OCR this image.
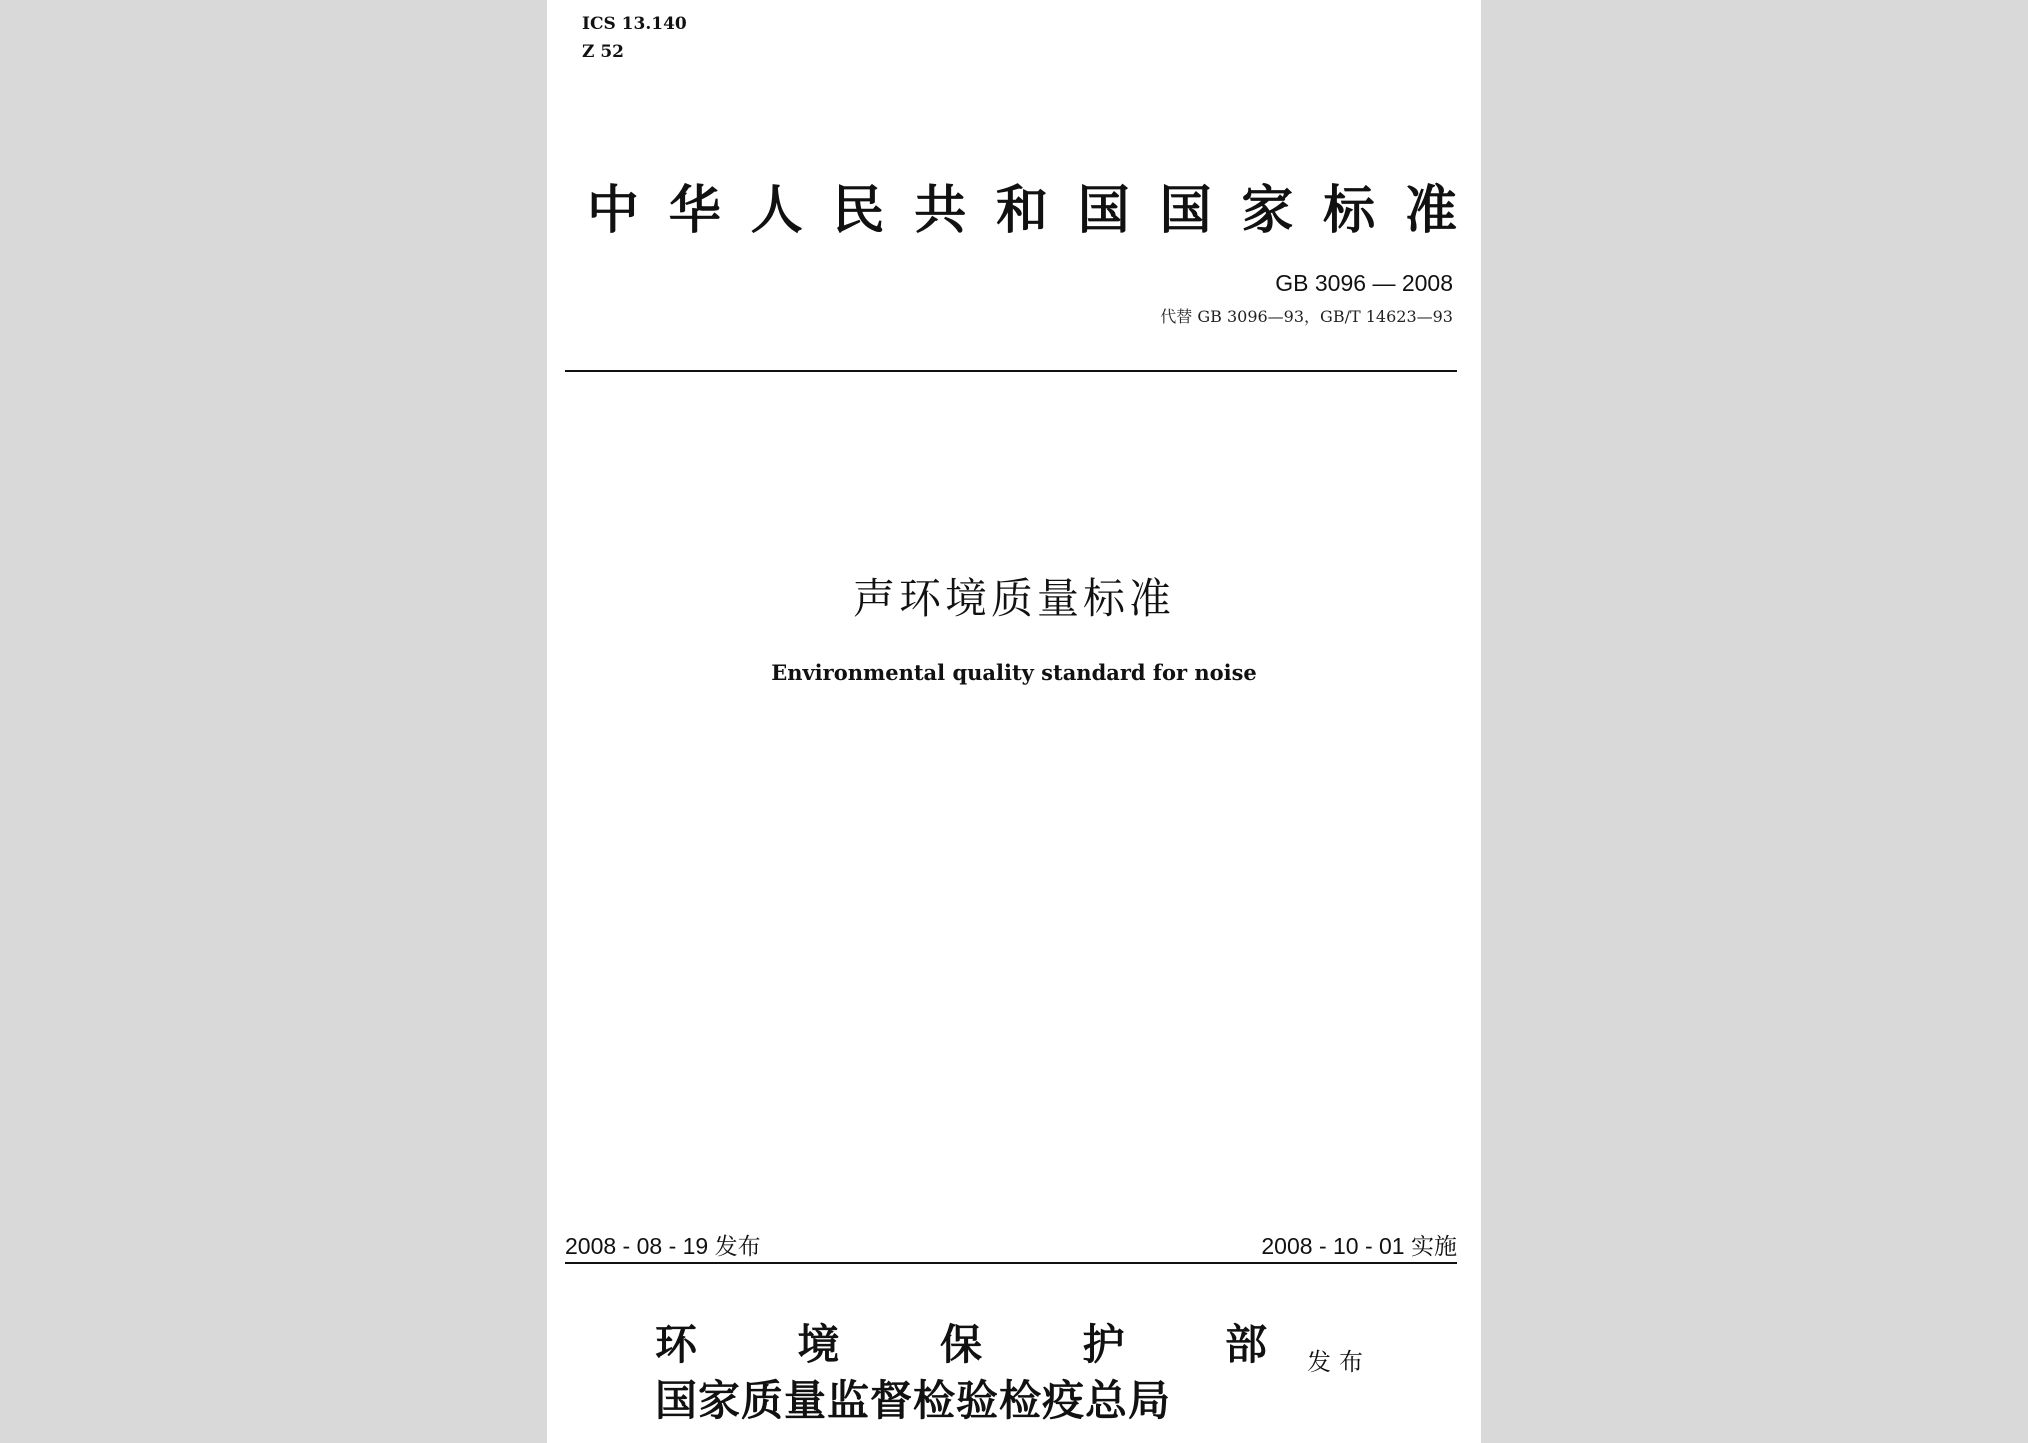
ICS 13.140
Z 52
中 华 人 民 共 和 国 国 家 标 准
GB 3096 — 2008
代替 GB 3096—93，GB/T 14623—93
声环境质量标准
Environmental quality standard for noise
2008 - 08 - 19 发布	2008 - 10 - 01 实施
环 境 保 护 部
国家质量监督检验检疫总局
发布
